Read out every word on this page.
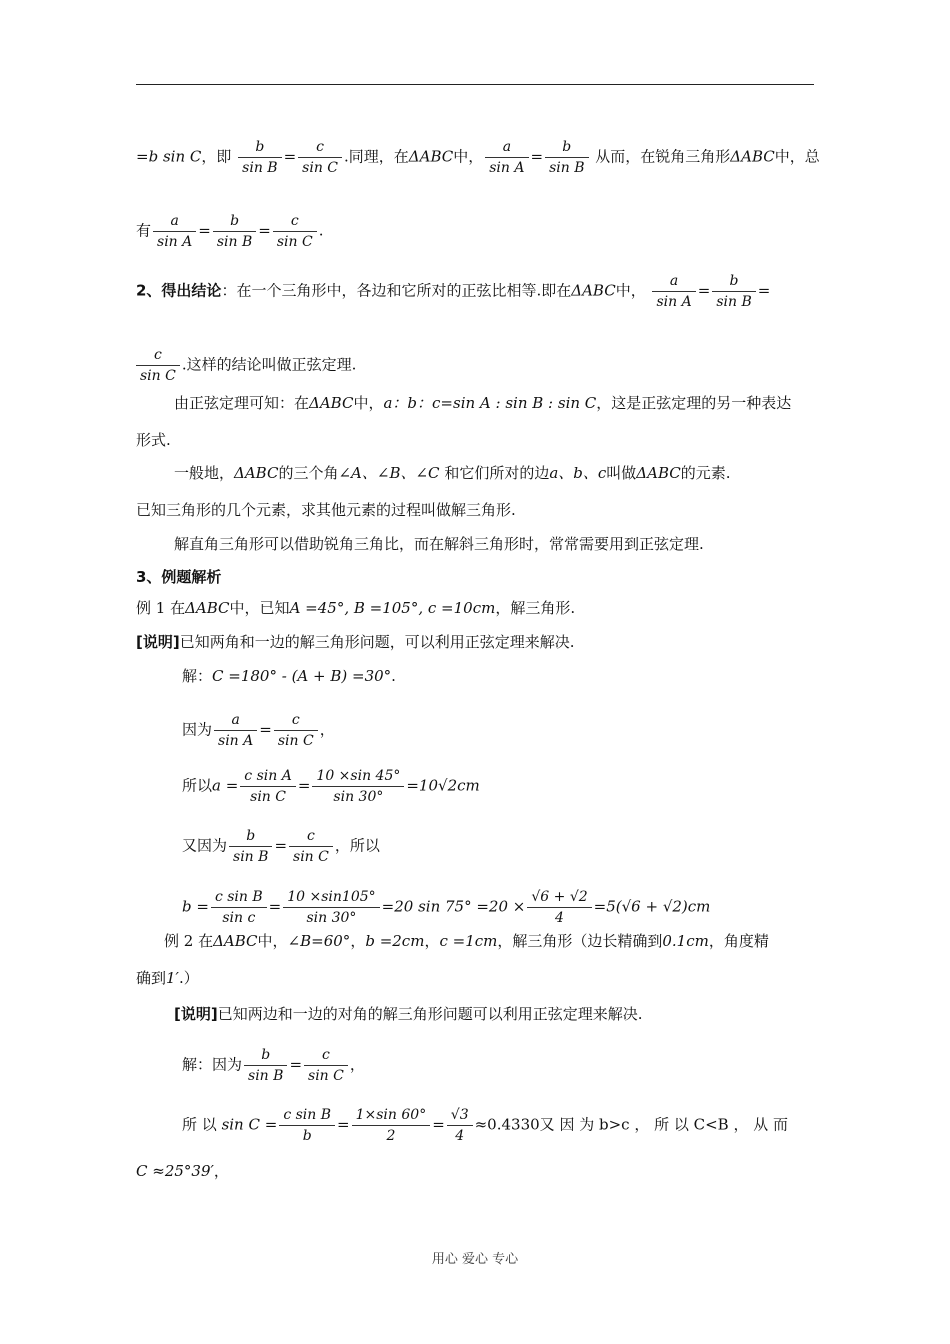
=b sin C，即 $\frac{b}{\text{sin B}} = \frac{c}{\text{sin C}}$ .同理，在ΔABC中， $\frac{a}{\text{sin A}} = \frac{b}{\text{sin B}}$ 从而，在锐角三角形ΔABC中，总
有 $\frac{a}{\text{sin A}} = \frac{b}{\text{sin B}} = \frac{c}{\text{sin C}}$ .
2、得出结论：在一个三角形中，各边和它所对的正弦比相等.即在ΔABC中， $\frac{a}{\text{sin A}} = \frac{b}{\text{sin B}}$ =
$\frac{c}{\text{sin C}}$ .这样的结论叫做正弦定理.
由正弦定理可知：在ΔABC中，a：b：c=sin A : sin B : sin C，这是正弦定理的另一种表达
形式.
一般地，ΔABC的三个角∠A、∠B、∠C 和它们所对的边a、b、c叫做ΔABC的元素.
已知三角形的几个元素，求其他元素的过程叫做解三角形.
解直角三角形可以借助锐角三角比，而在解斜三角形时，常常需要用到正弦定理.
3、例题解析
例 1 在ΔABC中，已知A =45°, B =105°, c =10cm，解三角形.
[说明]已知两角和一边的解三角形问题，可以利用正弦定理来解决.
解：C =180° - (A + B) =30°.
因为 $\frac{a}{\text{sin A}} = \frac{c}{\text{sin C}}$ ，
所以$a = \frac{\text{c sin A}}{\text{sin C}} = \frac{10 \times\sin 45^\circ}{\sin 30^\circ} =10√2cm$
又因为 $\frac{b}{\text{sin B}} = \frac{c}{\text{sin C}}$ ，所以
$b = \frac{\text{c sin B}}{\text{sin c}} = \frac{10 \times\sin 105^\circ}{\sin 30^\circ} =20$ $\sin 75^\circ =20 \times \frac{√6 + √2}{4} =5(√6 + √2)cm$
例 2 在ΔABC中，∠B=60°，b =2cm，c =1cm，解三角形（边长精确到0.1cm，角度精
确到1′.）
[说明]已知两边和一边的对角的解三角形问题可以利用正弦定理来解决.
解：因为 $\frac{b}{\text{sin B}} = \frac{c}{\text{sin C}}$ ，
所 以 $\sin C = \frac{\text{c sin B}}{b} = \frac{1\times\sin 60^\circ}{2} = \frac{√3}{4} \approx 0.4330$又 因 为 b>c ， 所 以 C<B ， 从 而
C ≈25°39′，
用心 爱心 专心
